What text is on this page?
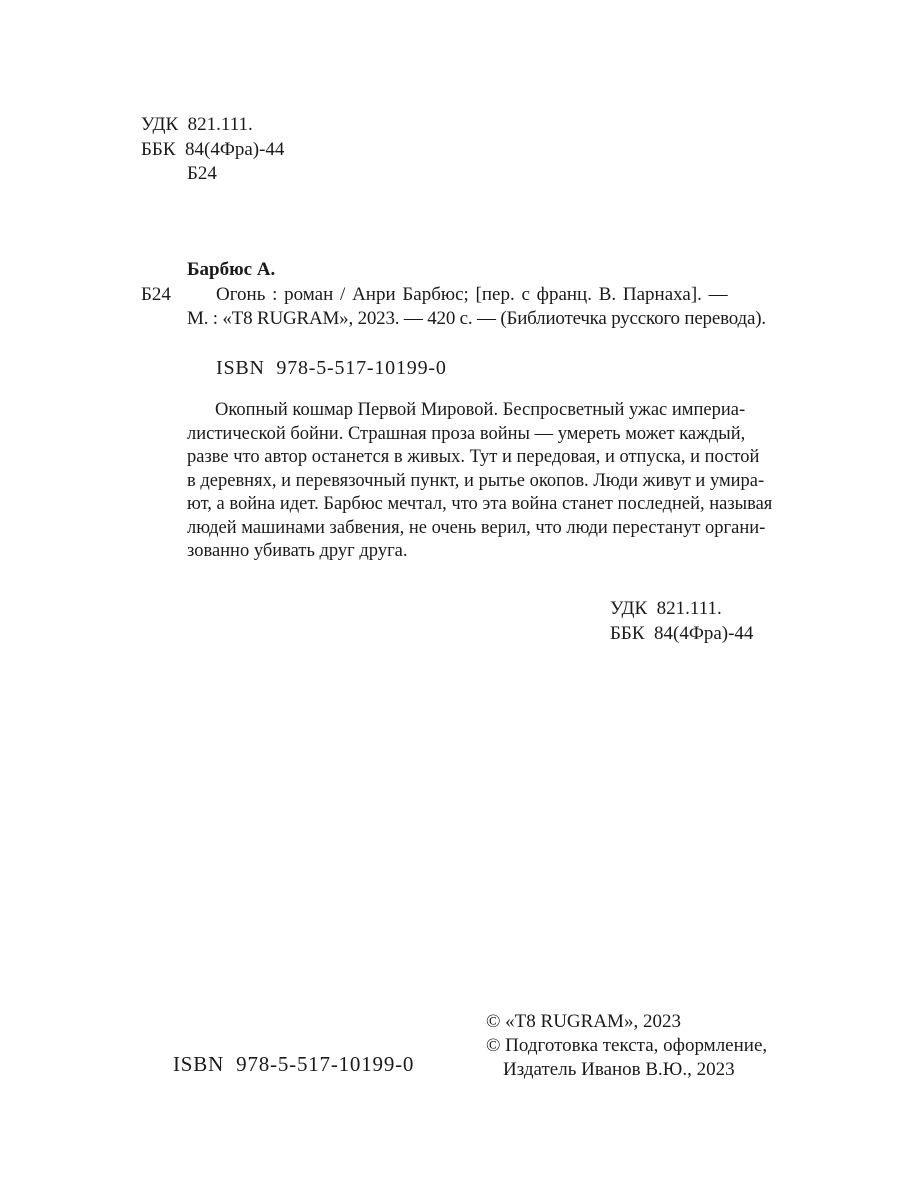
УДК 821.111.
ББК 84(4Фра)-44
Б24
Барбюс А.
Б24 Огонь : роман / Анри Барбюс; [пер. с франц. В. Парнаха]. —
М. : «Т8 RUGRAM», 2023. — 420 с. — (Библиотечка русского перевода).
ISBN 978-5-517-10199-0
Окопный кошмар Первой Мировой. Беспросветный ужас империа-
листической бойни. Страшная проза войны — умереть может каждый,
разве что автор останется в живых. Тут и передовая, и отпуска, и постой
в деревнях, и перевязочный пункт, и рытье окопов. Люди живут и умира-
ют, а война идет. Барбюс мечтал, что эта война станет последней, называя
людей машинами забвения, не очень верил, что люди перестанут органи-
зованно убивать друг друга.
УДК 821.111.
ББК 84(4Фра)-44
© «Т8 RUGRAM», 2023
© Подготовка текста, оформление,
Издатель Иванов В.Ю., 2023
ISBN 978-5-517-10199-0
